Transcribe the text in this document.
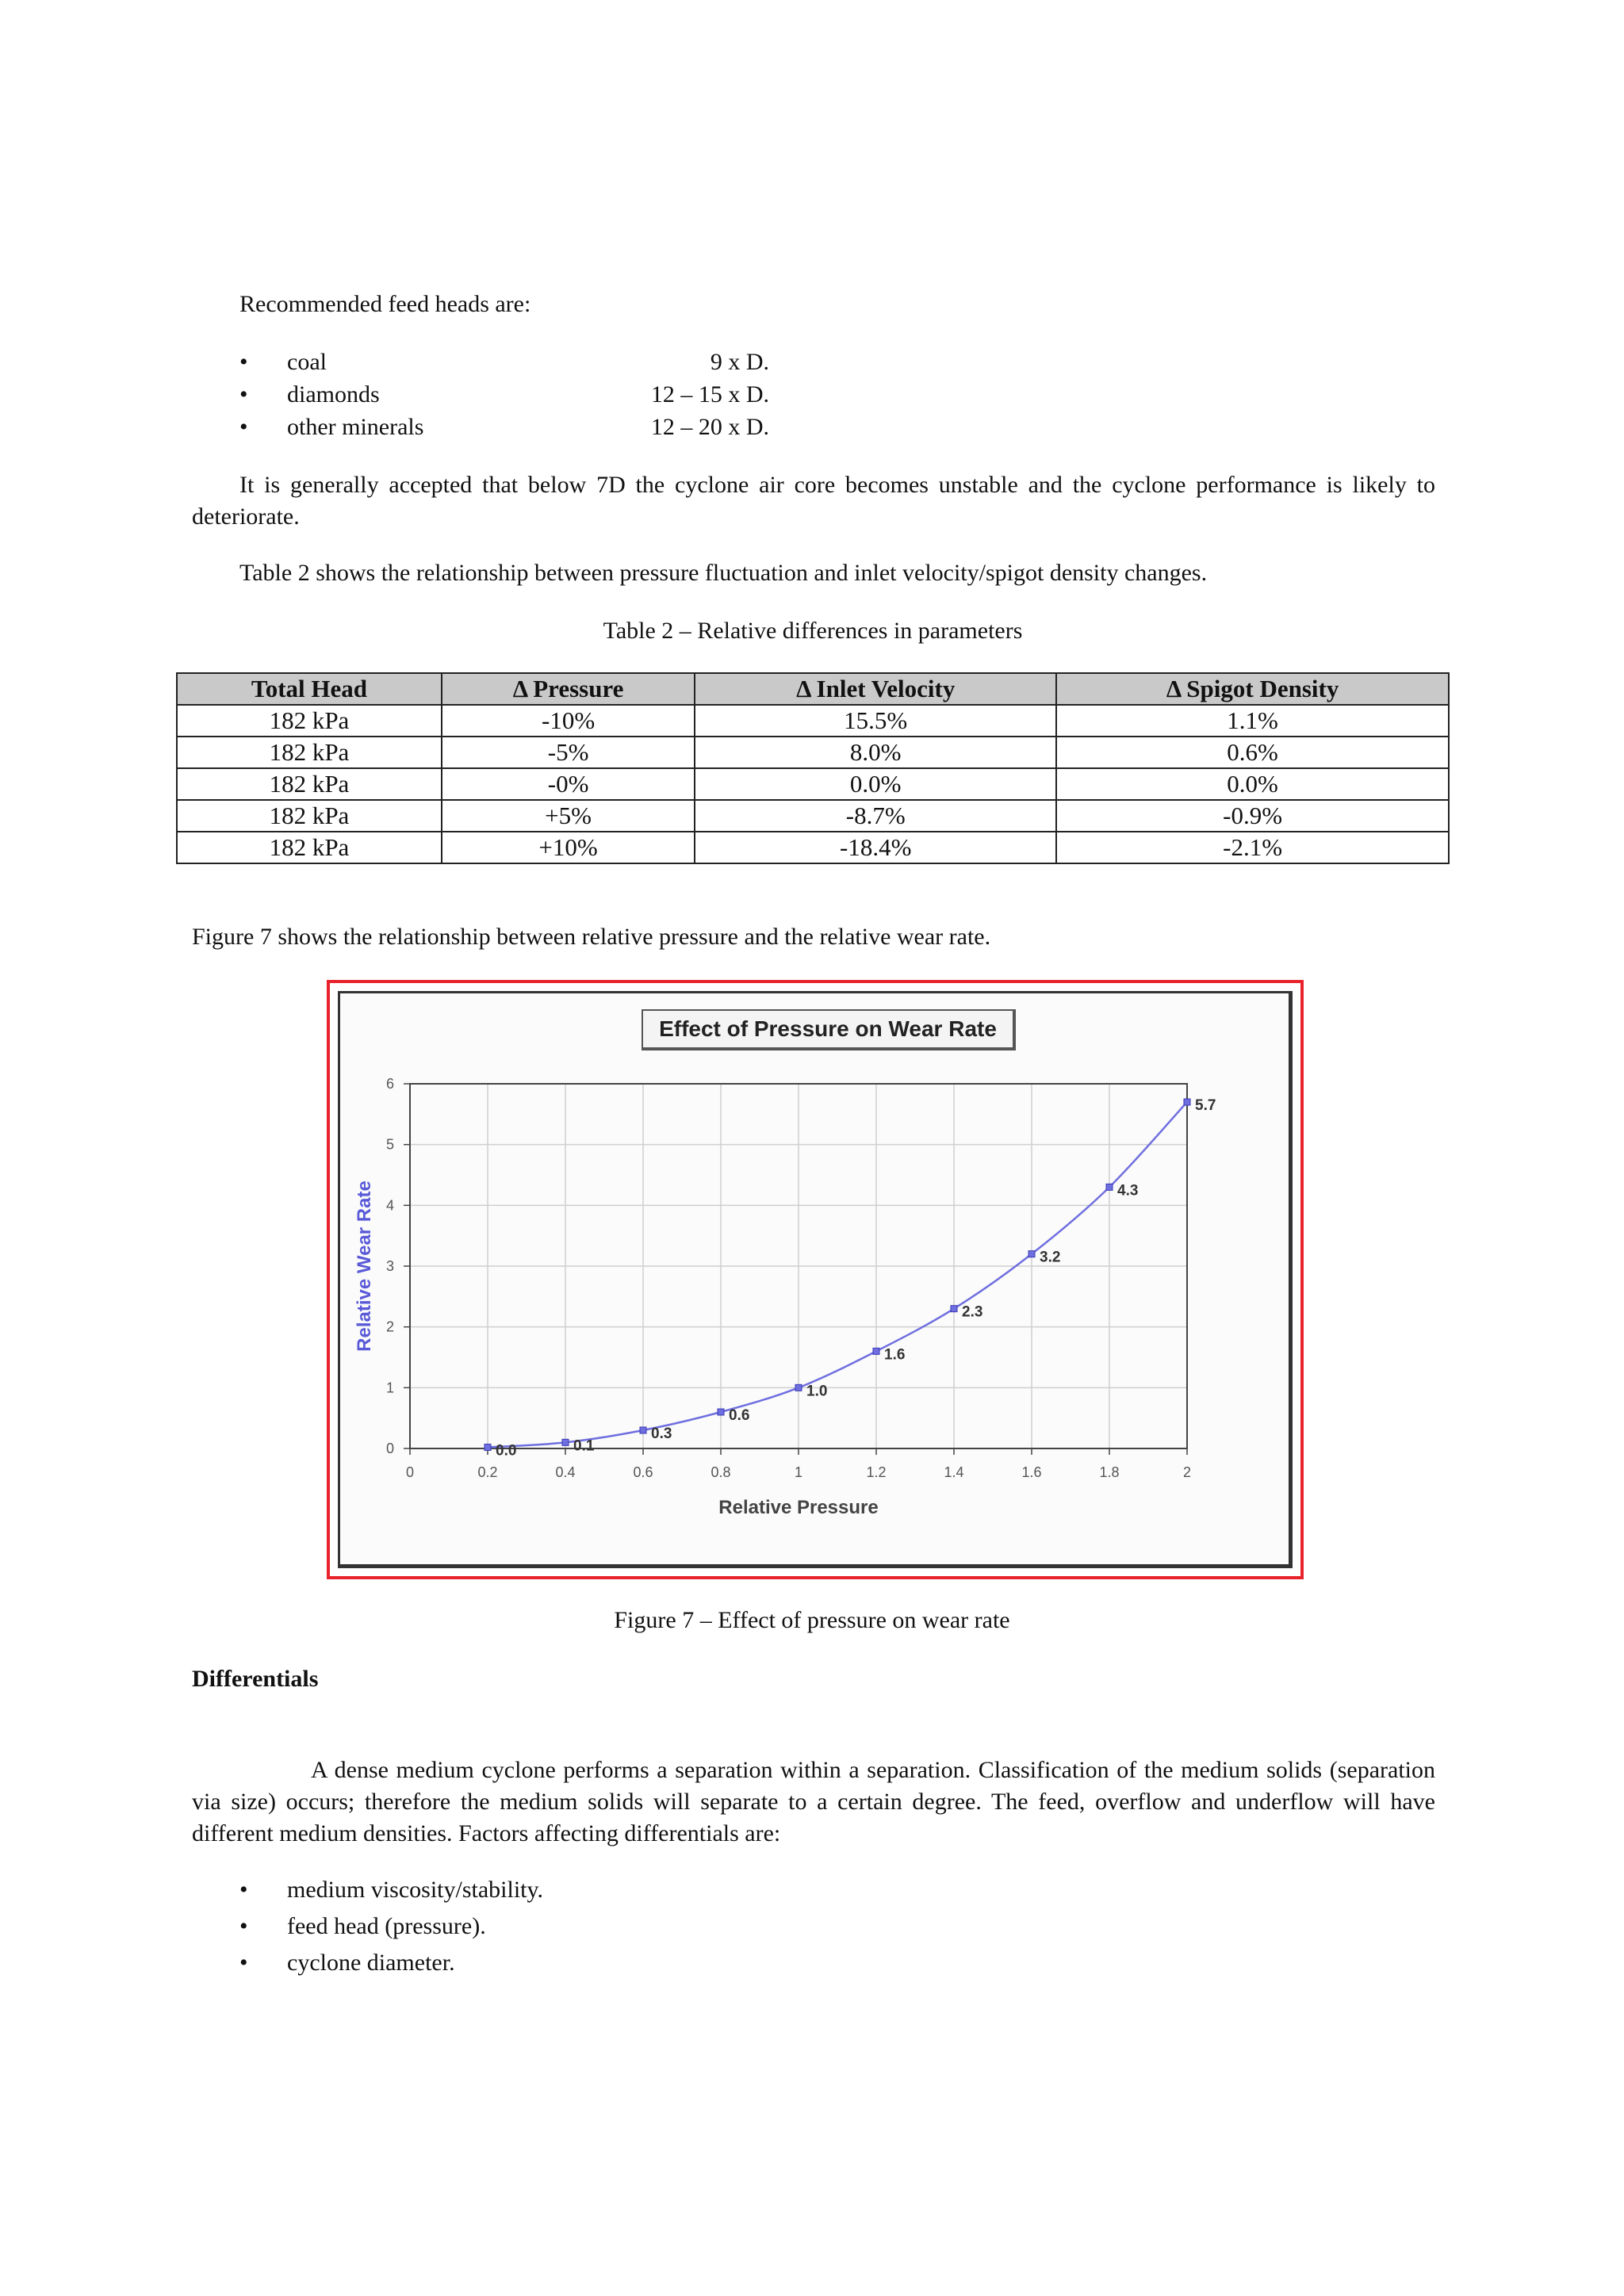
Recommended feed heads are:
• coal	9 x D.
• diamonds	12 – 15 x D.
• other minerals	12 – 20 x D.
It is generally accepted that below 7D the cyclone air core becomes unstable and the cyclone performance is likely to deteriorate.
Table 2 shows the relationship between pressure fluctuation and inlet velocity/spigot density changes.
Table 2 – Relative differences in parameters
Total Head	Δ Pressure	Δ Inlet Velocity	Δ Spigot Density
182 kPa	-10%	15.5%	1.1%
182 kPa	-5%	8.0%	0.6%
182 kPa	-0%	0.0%	0.0%
182 kPa	+5%	-8.7%	-0.9%
182 kPa	+10%	-18.4%	-2.1%
Figure 7 shows the relationship between relative pressure and the relative wear rate.
Effect of Pressure on Wear Rate
0	0.2	0.4	0.6	0.8	1	1.2	1.4	1.6	1.8	2
0
1
2
3
4
5
6
0.0	0.1
0.3
0.6
1.0
1.6
2.3
3.2
4.3
5.7
Relative Pressure
Relative Wear Rate
Figure 7 – Effect of pressure on wear rate
Differentials
A dense medium cyclone performs a separation within a separation. Classification of the medium solids (separation via size) occurs; therefore the medium solids will separate to a certain degree. The feed, overflow and underflow will have different medium densities. Factors affecting differentials are:
• medium viscosity/stability.
• feed head (pressure).
• cyclone diameter.
